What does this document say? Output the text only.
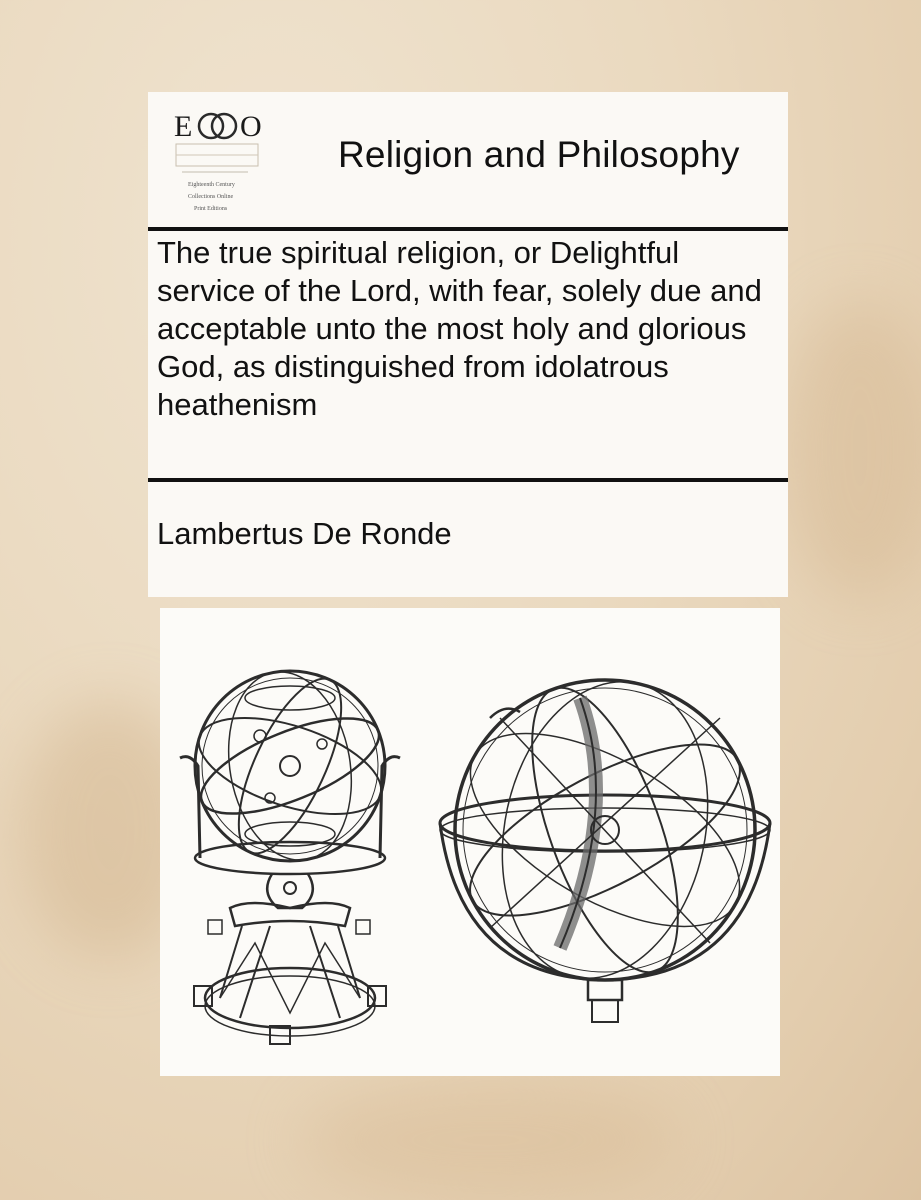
E O
Eighteenth Century
Collections Online
Print Editions
Religion and Philosophy
The true spiritual religion, or Delightful service of the Lord, with fear, solely due and acceptable unto the most holy and glorious God, as distinguished from idolatrous heathenism
Lambertus De Ronde
